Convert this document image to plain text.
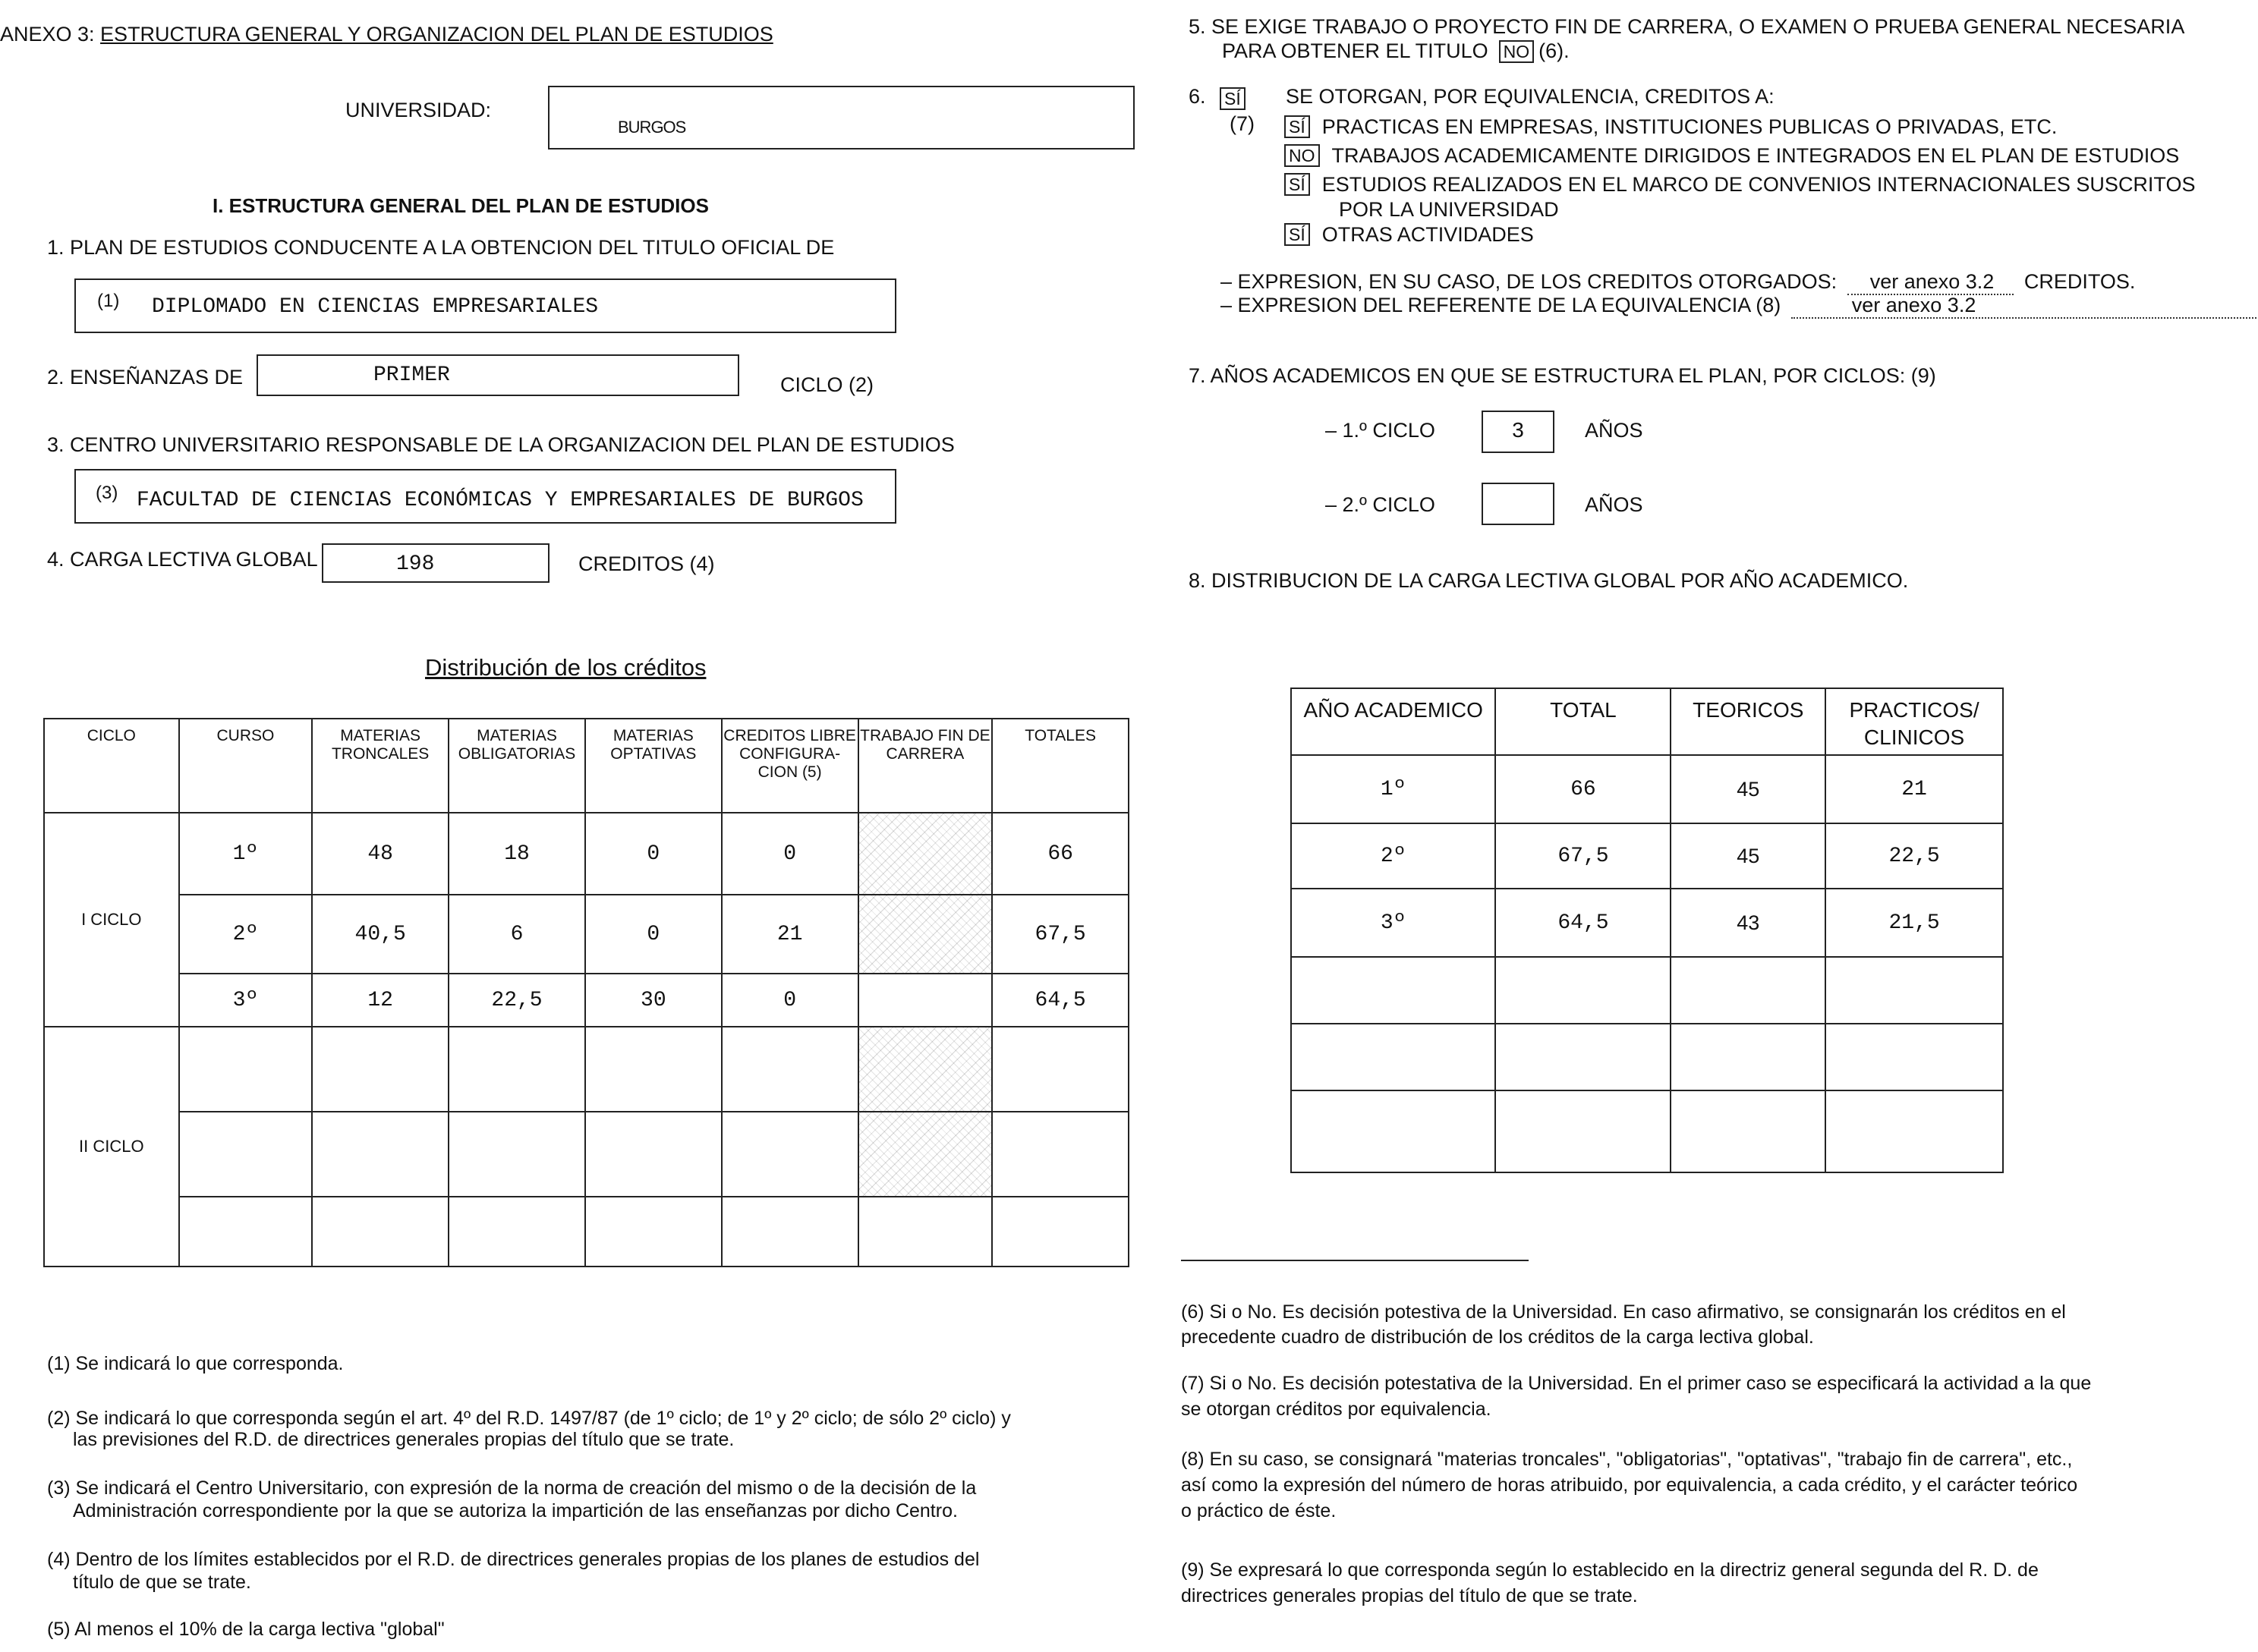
ANEXO 3: ESTRUCTURA GENERAL Y ORGANIZACION DEL PLAN DE ESTUDIOS
UNIVERSIDAD:
BURGOS
I. ESTRUCTURA GENERAL DEL PLAN DE ESTUDIOS
1. PLAN DE ESTUDIOS CONDUCENTE A LA OBTENCION DEL TITULO OFICIAL DE
(1) DIPLOMADO EN CIENCIAS EMPRESARIALES
2. ENSEÑANZAS DE	PRIMER	CICLO (2)
3. CENTRO UNIVERSITARIO RESPONSABLE DE LA ORGANIZACION DEL PLAN DE ESTUDIOS
(3) FACULTAD DE CIENCIAS ECONÓMICAS Y EMPRESARIALES DE BURGOS
4. CARGA LECTIVA GLOBAL	198	CREDITOS (4)
Distribución de los créditos
CICLO	CURSO	MATERIAS TRONCALES	MATERIAS OBLIGATORIAS	MATERIAS OPTATIVAS	CREDITOS LIBRE CONFIGURA- CION (5)	TRABAJO FIN DE CARRERA	TOTALES
I CICLO	1º	48	18	0	0		66
	2º	40,5	6	0	21		67,5
	3º	12	22,5	30	0		64,5
II CICLO							

(1) Se indicará lo que corresponda.
(2) Se indicará lo que corresponda según el art. 4º del R.D. 1497/87 (de 1º ciclo; de 1º y 2º ciclo; de sólo 2º ciclo) y
las previsiones del R.D. de directrices generales propias del título que se trate.
(3) Se indicará el Centro Universitario, con expresión de la norma de creación del mismo o de la decisión de la
Administración correspondiente por la que se autoriza la impartición de las enseñanzas por dicho Centro.
(4) Dentro de los límites establecidos por el R.D. de directrices generales propias de los planes de estudios del
título de que se trate.
(5) Al menos el 10% de la carga lectiva "global"
5. SE EXIGE TRABAJO O PROYECTO FIN DE CARRERA, O EXAMEN O PRUEBA GENERAL NECESARIA
PARA OBTENER EL TITULO NO (6).
6. SÍ
(7)
SE OTORGAN, POR EQUIVALENCIA, CREDITOS A:
SÍ PRACTICAS EN EMPRESAS, INSTITUCIONES PUBLICAS O PRIVADAS, ETC.
NO TRABAJOS ACADEMICAMENTE DIRIGIDOS E INTEGRADOS EN EL PLAN DE ESTUDIOS
SÍ ESTUDIOS REALIZADOS EN EL MARCO DE CONVENIOS INTERNACIONALES SUSCRITOS
POR LA UNIVERSIDAD
SÍ OTRAS ACTIVIDADES
– EXPRESION, EN SU CASO, DE LOS CREDITOS OTORGADOS: ver anexo 3.2 CREDITOS.
– EXPRESION DEL REFERENTE DE LA EQUIVALENCIA (8)	ver anexo 3.2
7. AÑOS ACADEMICOS EN QUE SE ESTRUCTURA EL PLAN, POR CICLOS: (9)
– 1.º CICLO	3	AÑOS
– 2.º CICLO	AÑOS
8. DISTRIBUCION DE LA CARGA LECTIVA GLOBAL POR AÑO ACADEMICO.
AÑO ACADEMICO	TOTAL	TEORICOS	PRACTICOS/ CLINICOS
1º	66	45	21
2º	67,5	45	22,5
3º	64,5	43	21,5

(6) Si o No. Es decisión potestiva de la Universidad. En caso afirmativo, se consignarán los créditos en el
precedente cuadro de distribución de los créditos de la carga lectiva global.
(7) Si o No. Es decisión potestativa de la Universidad. En el primer caso se especificará la actividad a la que
se otorgan créditos por equivalencia.
(8) En su caso, se consignará "materias troncales", "obligatorias", "optativas", "trabajo fin de carrera", etc.,
así como la expresión del número de horas atribuido, por equivalencia, a cada crédito, y el carácter teórico
o práctico de éste.
(9) Se expresará lo que corresponda según lo establecido en la directriz general segunda del R. D. de
directrices generales propias del título de que se trate.
